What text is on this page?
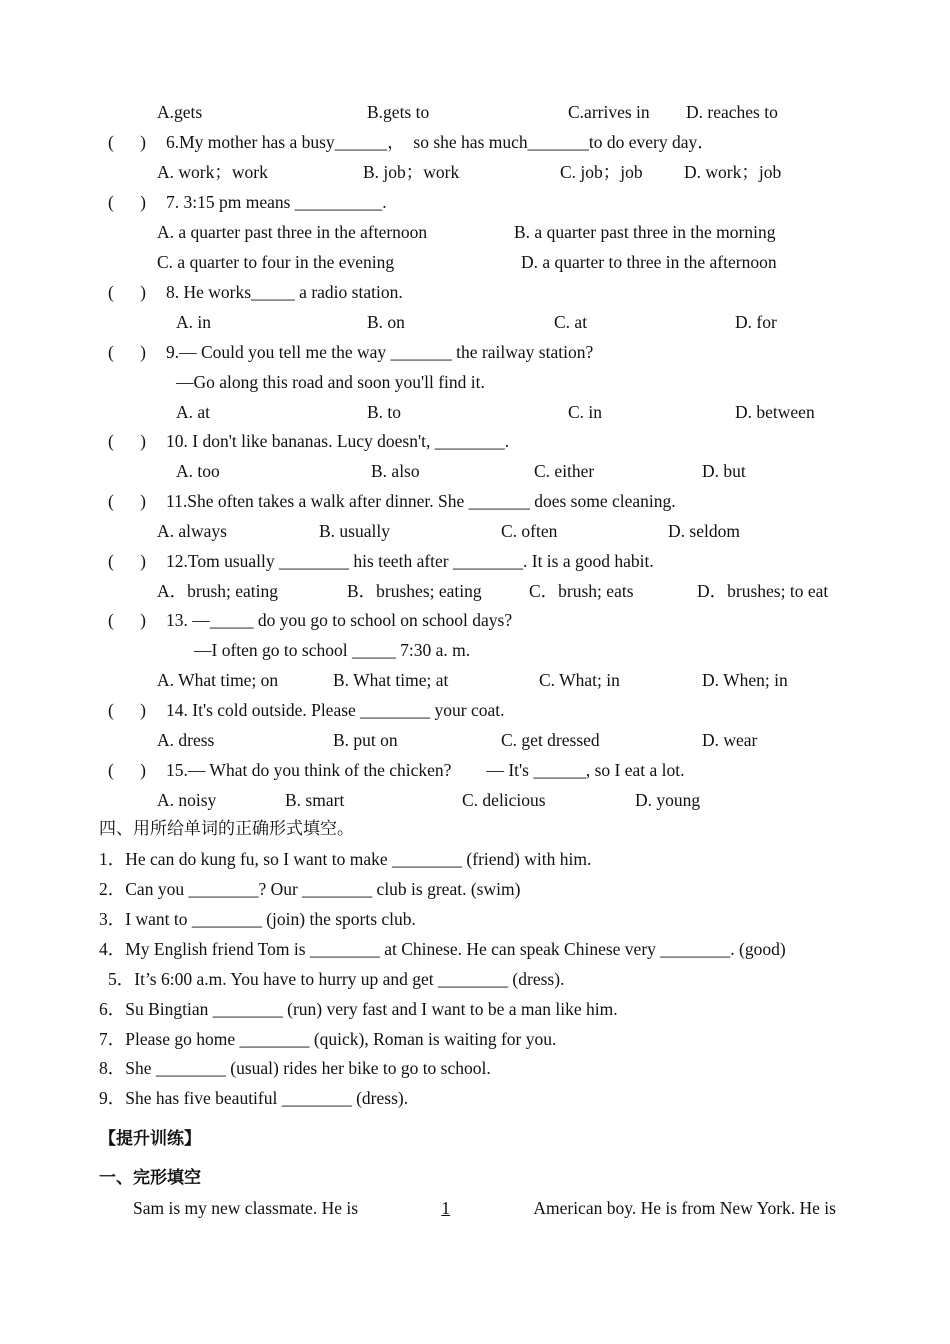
A.gets	B.gets to	C.arrives in D. reaches to
(      ) 6.My mother has a busy______，  so she has much_______to do every day．
A. work；work	B. job；work	C. job；job D. work；job
(      ) 7. 3:15 pm means __________.
A. a quarter past three in the afternoon	B. a quarter past three in the morning
C. a quarter to four in the evening	D. a quarter to three in the afternoon
(      ) 8. He works_____ a radio station.
A. in	B. on	C. at	D. for
(      ) 9.— Could you tell me the way _______ the railway station?
—Go along this road and soon you'll find it.
A. at	B. to	C. in	D. between
(      ) 10. I don't like bananas. Lucy doesn't, ________.
A. too	B. also	C. either	D. but
(      ) 11.She often takes a walk after dinner. She _______ does some cleaning.
A. always	B. usually	C. often	D. seldom
(      ) 12.Tom usually ________ his teeth after ________. It is a good habit.
A．brush; eating	B．brushes; eating	C．brush; eats	D．brushes; to eat
(      ) 13. —_____ do you go to school on school days?
—I often go to school _____ 7:30 a. m.
A. What time; on	B. What time; at	C. What; in	D. When; in
(      ) 14. It's cold outside. Please ________ your coat.
A. dress	B. put on	C. get dressed	D. wear
(      ) 15.— What do you think of the chicken?        — It's ______, so I eat a lot.
A. noisy	B. smart	C. delicious	D. young
四、用所给单词的正确形式填空。
1．He can do kung fu, so I want to make ________ (friend) with him.
2．Can you ________? Our ________ club is great. (swim)
3．I want to ________ (join) the sports club.
4．My English friend Tom is ________ at Chinese. He can speak Chinese very ________. (good)
5．It’s 6:00 a.m. You have to hurry up and get ________ (dress).
6．Su Bingtian ________ (run) very fast and I want to be a man like him.
7．Please go home ________ (quick), Roman is waiting for you.
8．She ________ (usual) rides her bike to go to school.
9．She has five beautiful ________ (dress).
【提升训练】
一、完形填空
Sam is my new classmate. He is	1	American boy. He is from New York. He is
